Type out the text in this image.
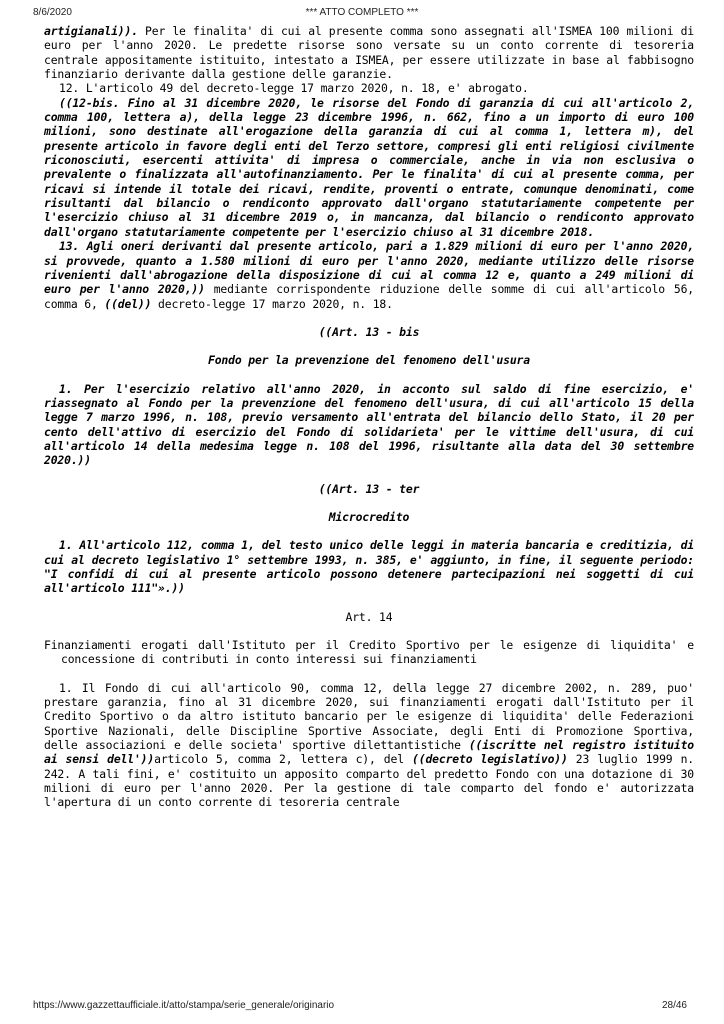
8/6/2020	*** ATTO COMPLETO ***

artigianali)). Per le finalita' di cui al presente comma sono assegnati all'ISMEA 100 milioni di euro per l'anno 2020. Le predette risorse sono versate su un conto corrente di tesoreria centrale appositamente istituito, intestato a ISMEA, per essere utilizzate in base al fabbisogno finanziario derivante dalla gestione delle garanzie.

12. L'articolo 49 del decreto-legge 17 marzo 2020, n. 18, e' abrogato.

((12-bis. Fino al 31 dicembre 2020, le risorse del Fondo di garanzia di cui all'articolo 2, comma 100, lettera a), della legge 23 dicembre 1996, n. 662, fino a un importo di euro 100 milioni, sono destinate all'erogazione della garanzia di cui al comma 1, lettera m), del presente articolo in favore degli enti del Terzo settore, compresi gli enti religiosi civilmente riconosciuti, esercenti attivita' di impresa o commerciale, anche in via non esclusiva o prevalente o finalizzata all'autofinanziamento. Per le finalita' di cui al presente comma, per ricavi si intende il totale dei ricavi, rendite, proventi o entrate, comunque denominati, come risultanti dal bilancio o rendiconto approvato dall'organo statutariamente competente per l'esercizio chiuso al 31 dicembre 2019 o, in mancanza, dal bilancio o rendiconto approvato dall'organo statutariamente competente per l'esercizio chiuso al 31 dicembre 2018.

13. Agli oneri derivanti dal presente articolo, pari a 1.829 milioni di euro per l'anno 2020, si provvede, quanto a 1.580 milioni di euro per l'anno 2020, mediante utilizzo delle risorse rivenienti dall'abrogazione della disposizione di cui al comma 12 e, quanto a 249 milioni di euro per l'anno 2020,)) mediante corrispondente riduzione delle somme di cui all'articolo 56, comma 6, ((del)) decreto-legge 17 marzo 2020, n. 18.

((Art. 13 - bis

Fondo per la prevenzione del fenomeno dell'usura

1. Per l'esercizio relativo all'anno 2020, in acconto sul saldo di fine esercizio, e' riassegnato al Fondo per la prevenzione del fenomeno dell'usura, di cui all'articolo 15 della legge 7 marzo 1996, n. 108, previo versamento all'entrata del bilancio dello Stato, il 20 per cento dell'attivo di esercizio del Fondo di solidarieta' per le vittime dell'usura, di cui all'articolo 14 della medesima legge n. 108 del 1996, risultante alla data del 30 settembre 2020.))

((Art. 13 - ter

Microcredito

1. All'articolo 112, comma 1, del testo unico delle leggi in materia bancaria e creditizia, di cui al decreto legislativo 1° settembre 1993, n. 385, e' aggiunto, in fine, il seguente periodo: "I confidi di cui al presente articolo possono detenere partecipazioni nei soggetti di cui all'articolo 111"».))

Art. 14

Finanziamenti erogati dall'Istituto per il Credito Sportivo per le esigenze di liquidita' e concessione di contributi in conto interessi sui finanziamenti

1. Il Fondo di cui all'articolo 90, comma 12, della legge 27 dicembre 2002, n. 289, puo' prestare garanzia, fino al 31 dicembre 2020, sui finanziamenti erogati dall'Istituto per il Credito Sportivo o da altro istituto bancario per le esigenze di liquidita' delle Federazioni Sportive Nazionali, delle Discipline Sportive Associate, degli Enti di Promozione Sportiva, delle associazioni e delle societa' sportive dilettantistiche ((iscritte nel registro istituito ai sensi dell'))articolo 5, comma 2, lettera c), del ((decreto legislativo)) 23 luglio 1999 n. 242. A tali fini, e' costituito un apposito comparto del predetto Fondo con una dotazione di 30 milioni di euro per l'anno 2020. Per la gestione di tale comparto del fondo e' autorizzata l'apertura di un conto corrente di tesoreria centrale

https://www.gazzettaufficiale.it/atto/stampa/serie_generale/originario	28/46
